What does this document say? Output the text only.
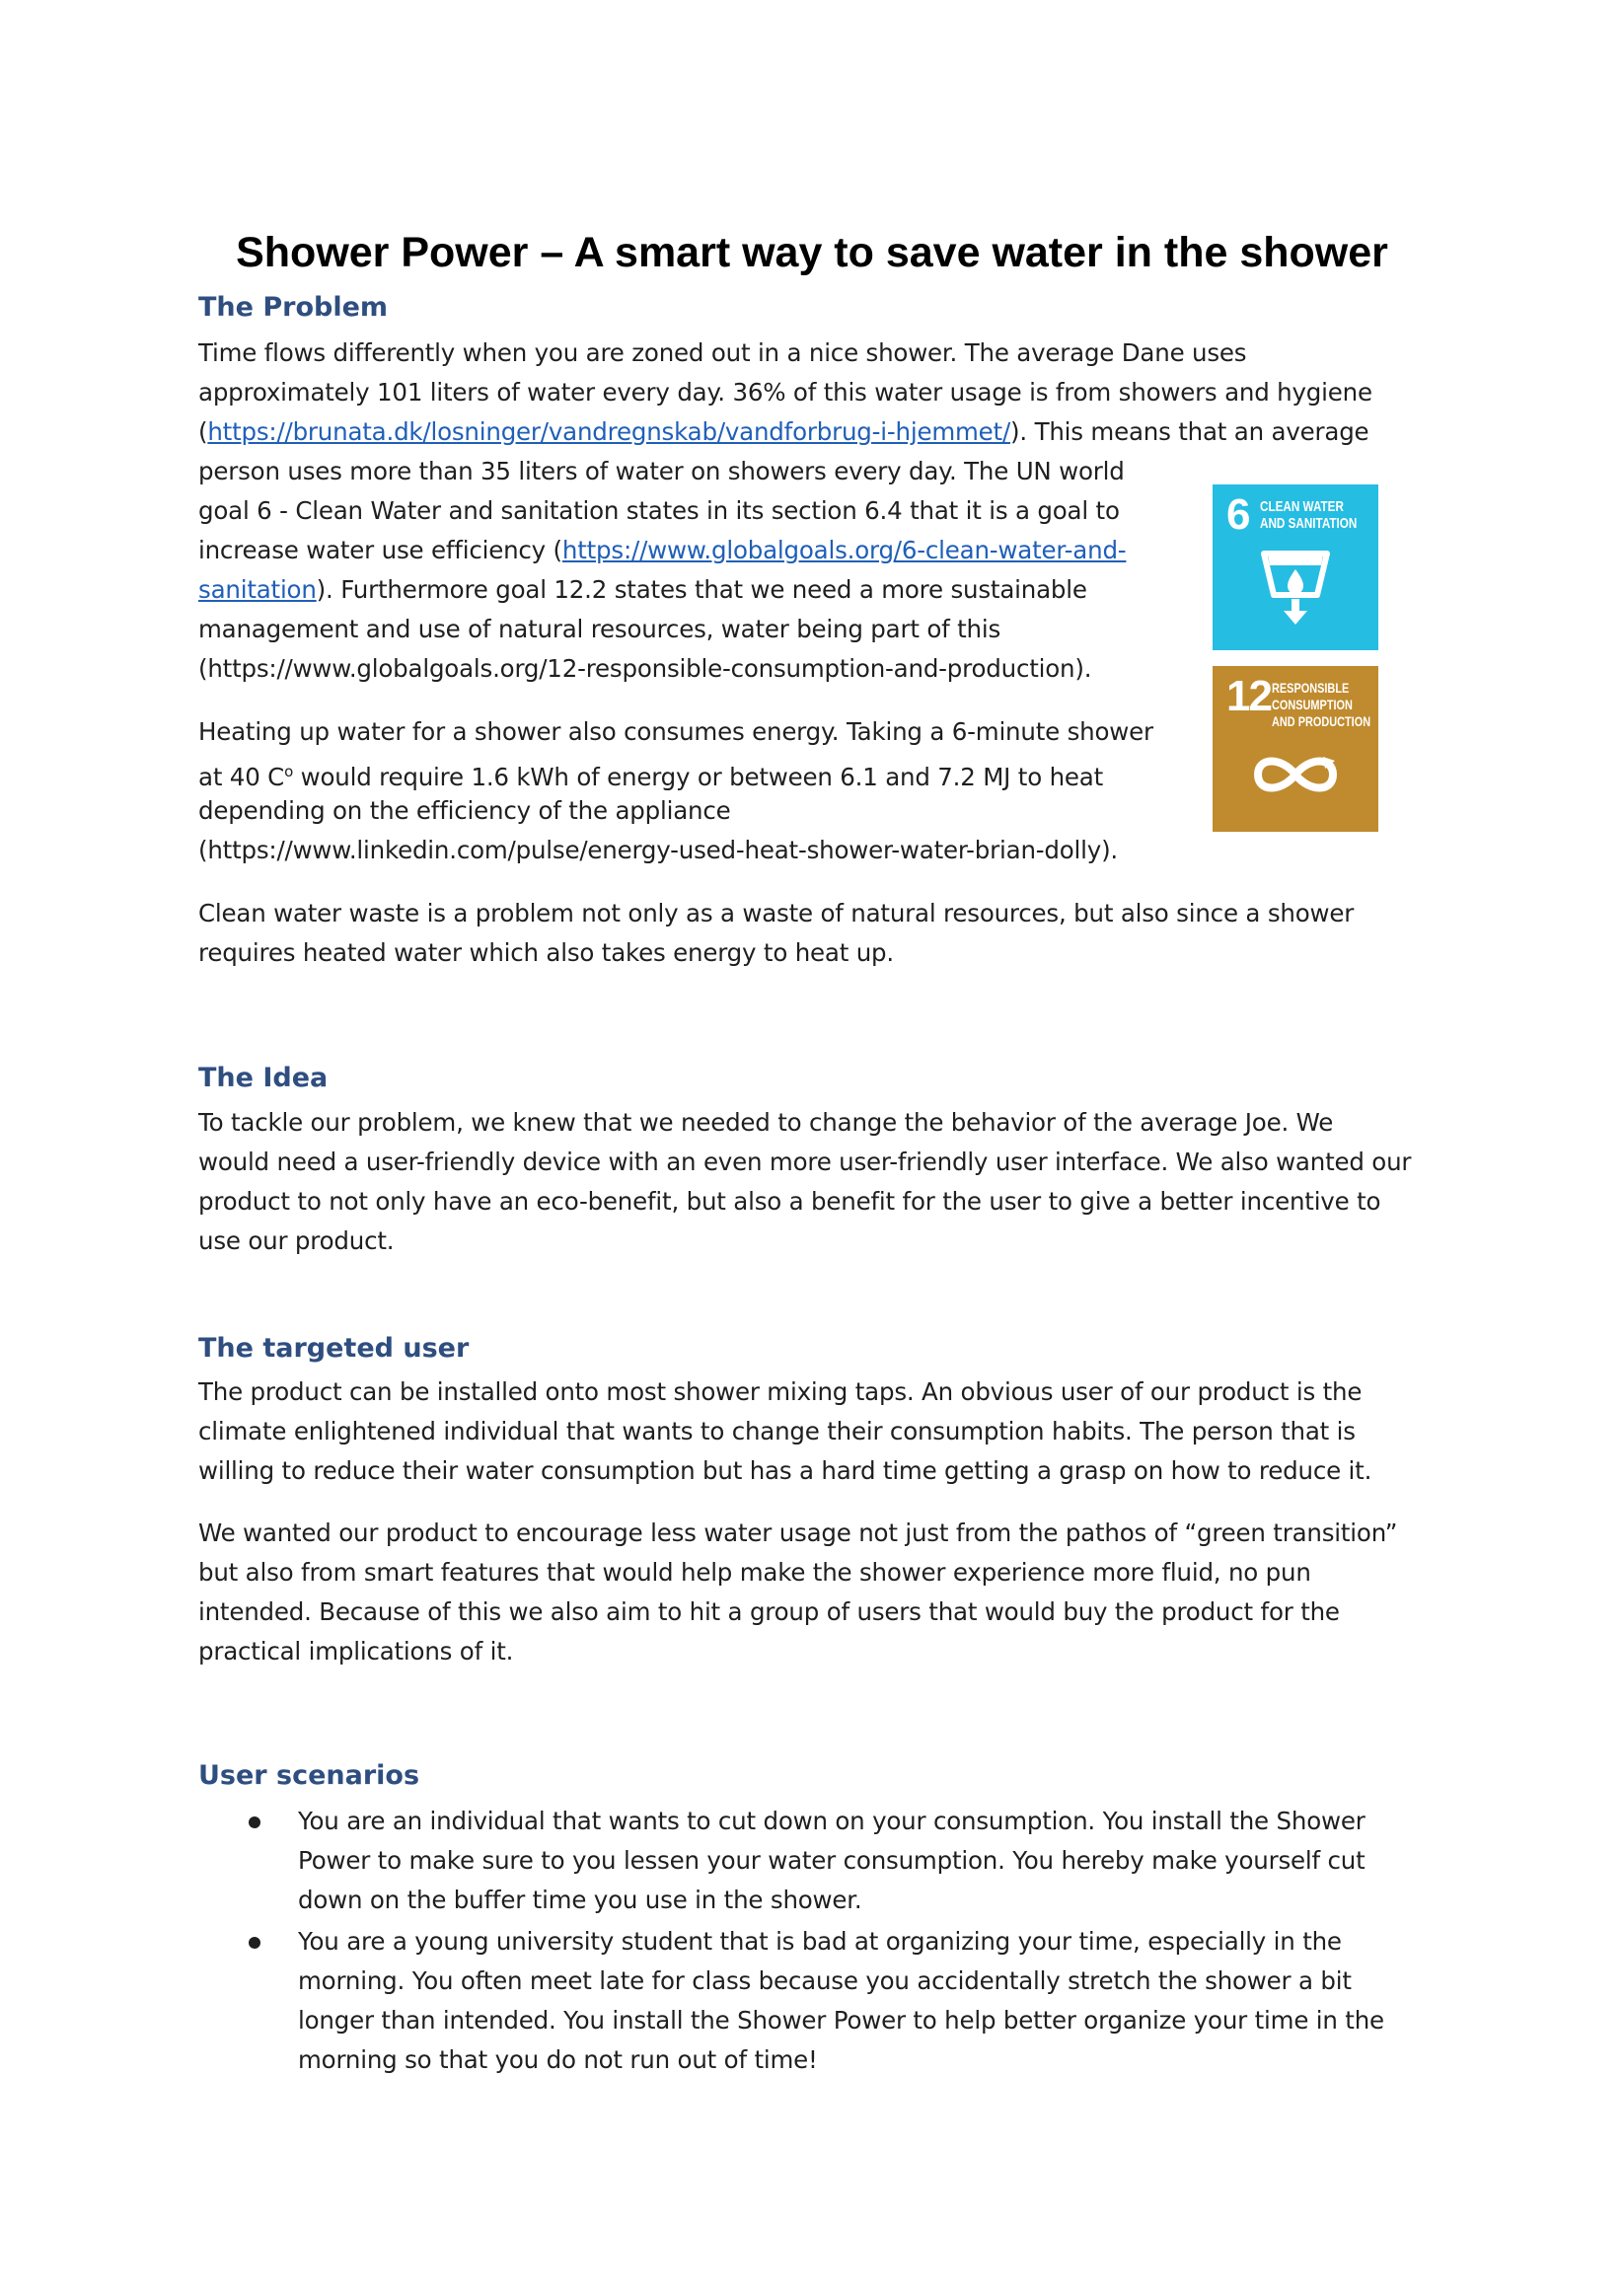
Shower Power – A smart way to save water in the shower
The Problem

Time flows differently when you are zoned out in a nice shower. The average Dane uses

approximately 101 liters of water every day. 36% of this water usage is from showers and hygiene

(https://brunata.dk/losninger/vandregnskab/vandforbrug-i-hjemmet/). This means that an average

person uses more than 35 liters of water on showers every day. The UN world

goal 6 - Clean Water and sanitation states in its section 6.4 that it is a goal to

increase water use efficiency (https://www.globalgoals.org/6-clean-water-and-

sanitation). Furthermore goal 12.2 states that we need a more sustainable

management and use of natural resources, water being part of this

(https://www.globalgoals.org/12-responsible-consumption-and-production).

Heating up water for a shower also consumes energy. Taking a 6-minute shower

at 40 $C^o$ would require 1.6 kWh of energy or between 6.1 and 7.2 MJ to heat

depending on the efficiency of the appliance

(https://www.linkedin.com/pulse/energy-used-heat-shower-water-brian-dolly).

Clean water waste is a problem not only as a waste of natural resources, but also since a shower

requires heated water which also takes energy to heat up.

6 CLEAN WATER
AND SANITATION
12 RESPONSIBLE
CONSUMPTION
AND PRODUCTION
The Idea

To tackle our problem, we knew that we needed to change the behavior of the average Joe. We

would need a user-friendly device with an even more user-friendly user interface. We also wanted our

product to not only have an eco-benefit, but also a benefit for the user to give a better incentive to

use our product.

The targeted user

The product can be installed onto most shower mixing taps. An obvious user of our product is the

climate enlightened individual that wants to change their consumption habits. The person that is

willing to reduce their water consumption but has a hard time getting a grasp on how to reduce it.

We wanted our product to encourage less water usage not just from the pathos of “green transition”

but also from smart features that would help make the shower experience more fluid, no pun

intended. Because of this we also aim to hit a group of users that would buy the product for the

practical implications of it.

User scenarios

You are an individual that wants to cut down on your consumption. You install the Shower

Power to make sure to you lessen your water consumption. You hereby make yourself cut

down on the buffer time you use in the shower.

You are a young university student that is bad at organizing your time, especially in the

morning. You often meet late for class because you accidentally stretch the shower a bit

longer than intended. You install the Shower Power to help better organize your time in the

morning so that you do not run out of time!
